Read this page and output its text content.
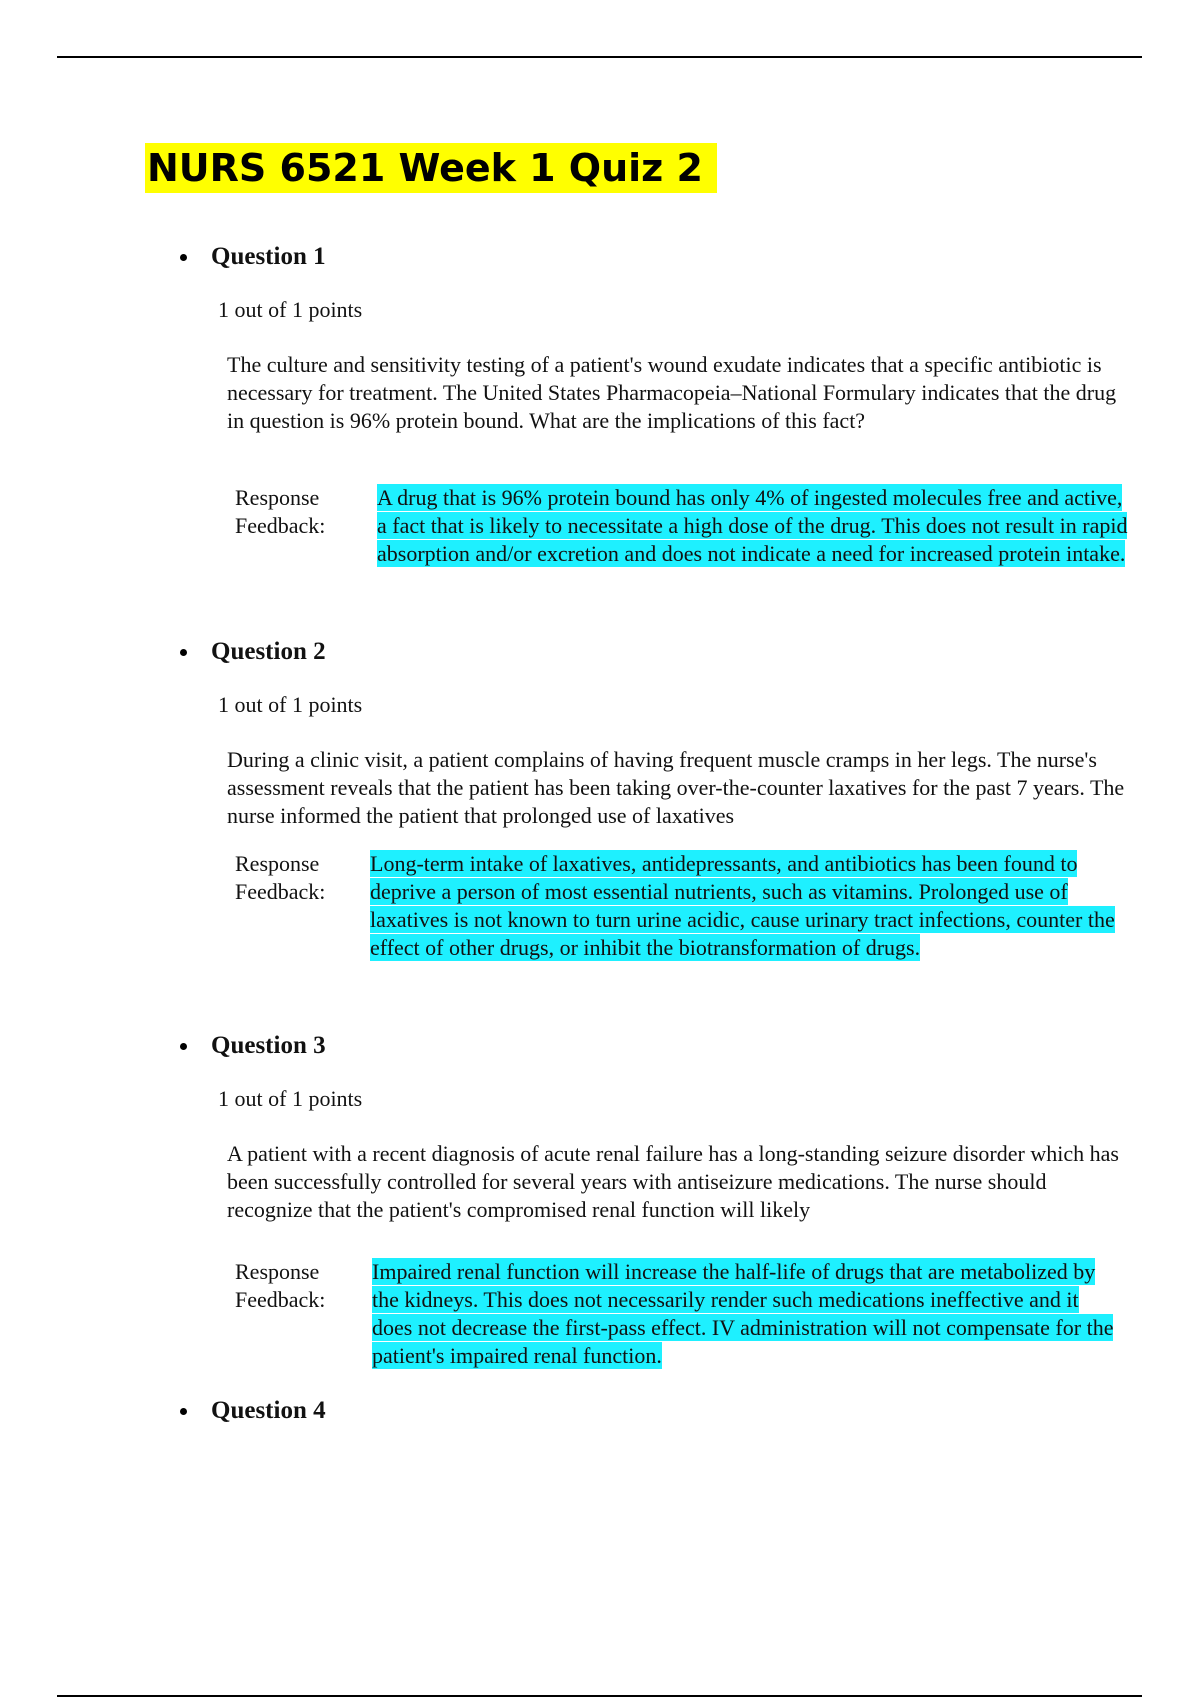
NURS 6521 Week 1 Quiz 2
Question 1
1 out of 1 points

The culture and sensitivity testing of a patient's wound exudate indicates that a specific antibiotic is necessary for treatment. The United States Pharmacopeia–National Formulary indicates that the drug in question is 96% protein bound. What are the implications of this fact?

Response Feedback:

A drug that is 96% protein bound has only 4% of ingested molecules free and active, a fact that is likely to necessitate a high dose of the drug. This does not result in rapid absorption and/or excretion and does not indicate a need for increased protein intake.

Question 2
1 out of 1 points

During a clinic visit, a patient complains of having frequent muscle cramps in her legs. The nurse's assessment reveals that the patient has been taking over-the-counter laxatives for the past 7 years. The nurse informed the patient that prolonged use of laxatives

Response Feedback:

Long-term intake of laxatives, antidepressants, and antibiotics has been found to deprive a person of most essential nutrients, such as vitamins. Prolonged use of laxatives is not known to turn urine acidic, cause urinary tract infections, counter the effect of other drugs, or inhibit the biotransformation of drugs.

Question 3
1 out of 1 points

A patient with a recent diagnosis of acute renal failure has a long-standing seizure disorder which has been successfully controlled for several years with antiseizure medications. The nurse should recognize that the patient's compromised renal function will likely

Response Feedback:

Impaired renal function will increase the half-life of drugs that are metabolized by the kidneys. This does not necessarily render such medications ineffective and it does not decrease the first-pass effect. IV administration will not compensate for the patient's impaired renal function.

Question 4
